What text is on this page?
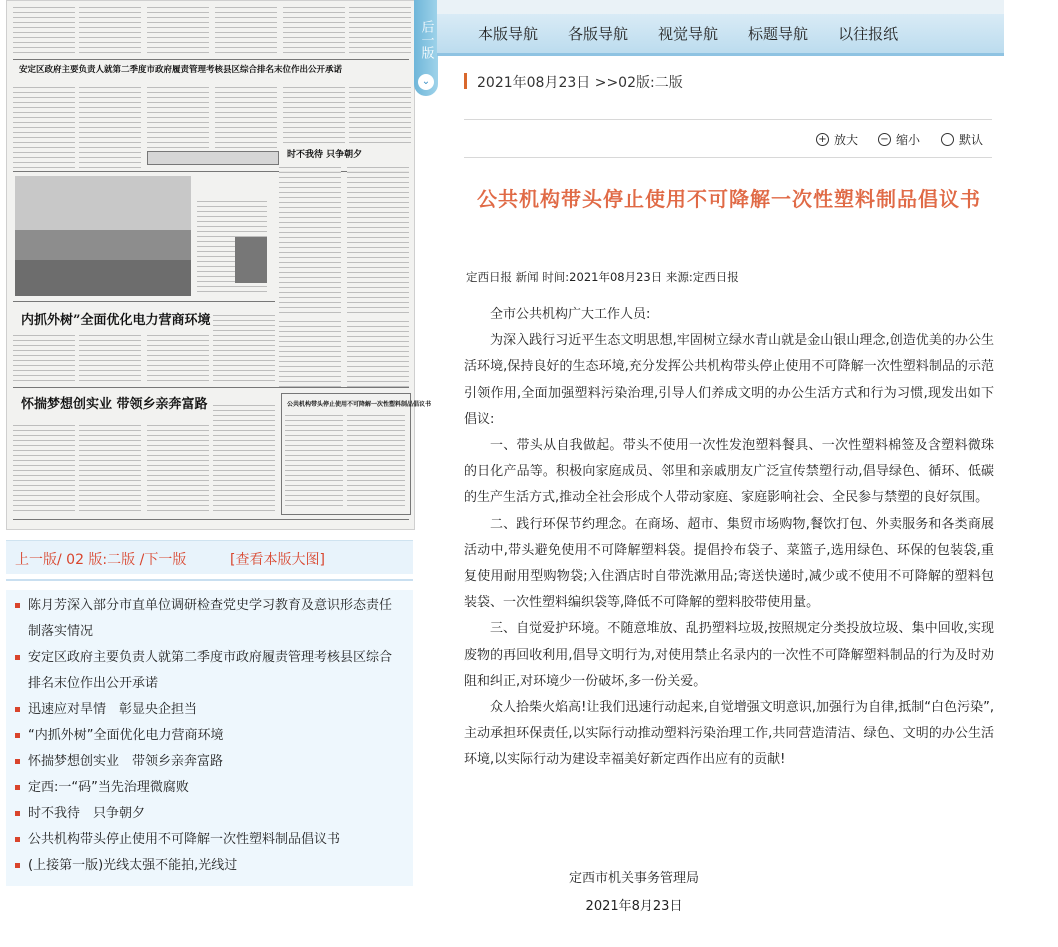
安定区政府主要负责人就第二季度市政府履责管理考核县区综合排名末位作出公开承诺
时不我待 只争朝夕
内抓外树”全面优化电力营商环境
怀揣梦想创实业 带领乡亲奔富路	公共机构带头停止使用不可降解一次性塑料制品倡议书
后一版
⌄
本版导航 各版导航 视觉导航 标题导航 以往报纸
2021年08月23日 >>02版:二版
+ 放大 − 缩小	默认
公共机构带头停止使用不可降解一次性塑料制品倡议书
定西日报 新闻 时间:2021年08月23日 来源:定西日报

全市公共机构广大工作人员:

为深入践行习近平生态文明思想,牢固树立绿水青山就是金山银山理念,创造优美的办公生活环境,保持良好的生态环境,充分发挥公共机构带头停止使用不可降解一次性塑料制品的示范引领作用,全面加强塑料污染治理,引导人们养成文明的办公生活方式和行为习惯,现发出如下倡议:

一、带头从自我做起。带头不使用一次性发泡塑料餐具、一次性塑料棉签及含塑料微珠的日化产品等。积极向家庭成员、邻里和亲戚朋友广泛宣传禁塑行动,倡导绿色、循环、低碳的生产生活方式,推动全社会形成个人带动家庭、家庭影响社会、全民参与禁塑的良好氛围。

二、践行环保节约理念。在商场、超市、集贸市场购物,餐饮打包、外卖服务和各类商展活动中,带头避免使用不可降解塑料袋。提倡拎布袋子、菜篮子,选用绿色、环保的包装袋,重复使用耐用型购物袋;入住酒店时自带洗漱用品;寄送快递时,减少或不使用不可降解的塑料包装袋、一次性塑料编织袋等,降低不可降解的塑料胶带使用量。

三、自觉爱护环境。不随意堆放、乱扔塑料垃圾,按照规定分类投放垃圾、集中回收,实现废物的再回收利用,倡导文明行为,对使用禁止名录内的一次性不可降解塑料制品的行为及时劝阻和纠正,对环境少一份破坏,多一份关爱。

众人拾柴火焰高!让我们迅速行动起来,自觉增强文明意识,加强行为自律,抵制“白色污染”,主动承担环保责任,以实际行动推动塑料污染治理工作,共同营造清洁、绿色、文明的办公生活环境,以实际行动为建设幸福美好新定西作出应有的贡献!

定西市机关事务管理局
2021年8月23日
上一版/ 02 版:二版 /下一版	[查看本版大图]
陈月芳深入部分市直单位调研检查党史学习教育及意识形态责任制落实情况
安定区政府主要负责人就第二季度市政府履责管理考核县区综合排名末位作出公开承诺
迅速应对旱情　彰显央企担当
“内抓外树”全面优化电力营商环境
怀揣梦想创实业　带领乡亲奔富路
定西:一“码”当先治理微腐败
时不我待　只争朝夕
公共机构带头停止使用不可降解一次性塑料制品倡议书
(上接第一版)光线太强不能拍,光线过
